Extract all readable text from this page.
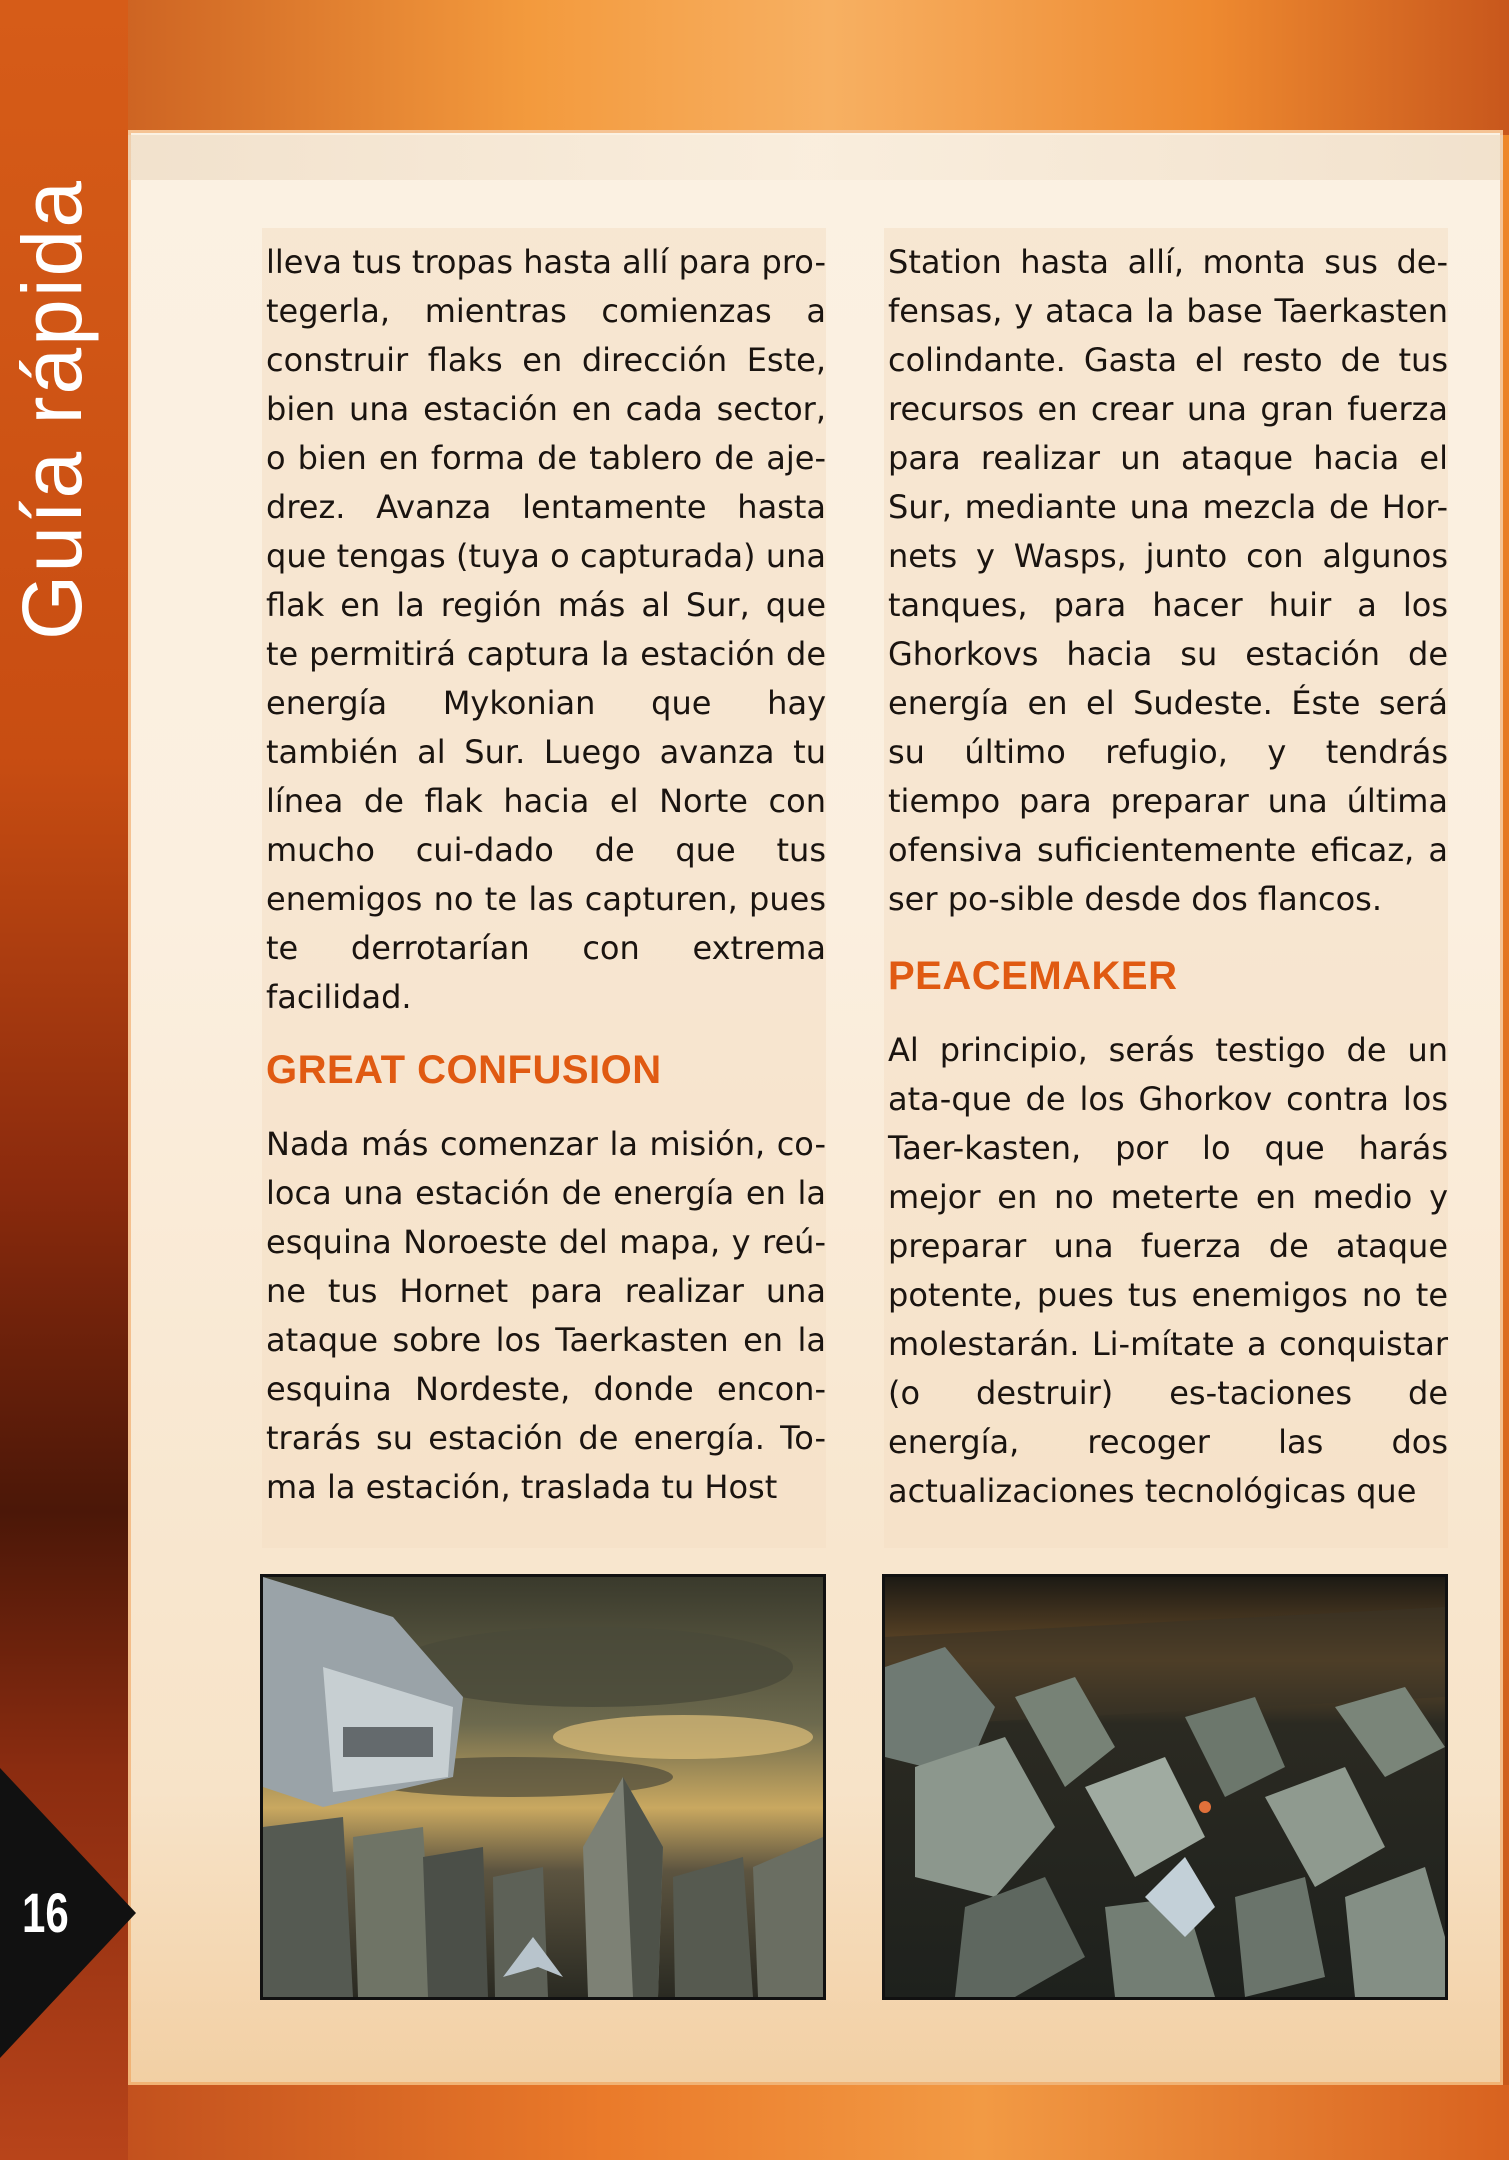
Guía rápida
16

lleva tus tropas hasta allí para pro-tegerla, mientras comienzas a construir flaks en dirección Este, bien una estación en cada sector, o bien en forma de tablero de aje-drez. Avanza lentamente hasta que tengas (tuya o capturada) una flak en la región más al Sur, que te permitirá captura la estación de energía Mykonian que hay también al Sur. Luego avanza tu línea de flak hacia el Norte con mucho cui-dado de que tus enemigos no te las capturen, pues te derrotarían con extrema facilidad.

GREAT CONFUSION

Nada más comenzar la misión, co-loca una estación de energía en la esquina Noroeste del mapa, y reú-ne tus Hornet para realizar una ataque sobre los Taerkasten en la esquina Nordeste, donde encon-trarás su estación de energía. To-ma la estación, traslada tu Host

Station hasta allí, monta sus de-fensas, y ataca la base Taerkasten colindante. Gasta el resto de tus recursos en crear una gran fuerza para realizar un ataque hacia el Sur, mediante una mezcla de Hor-nets y Wasps, junto con algunos tanques, para hacer huir a los Ghorkovs hacia su estación de energía en el Sudeste. Éste será su último refugio, y tendrás tiempo para preparar una última ofensiva suficientemente eficaz, a ser po-sible desde dos flancos.

PEACEMAKER

Al principio, serás testigo de un ata-que de los Ghorkov contra los Taer-kasten, por lo que harás mejor en no meterte en medio y preparar una fuerza de ataque potente, pues tus enemigos no te molestarán. Li-mítate a conquistar (o destruir) es-taciones de energía, recoger las dos actualizaciones tecnológicas que
